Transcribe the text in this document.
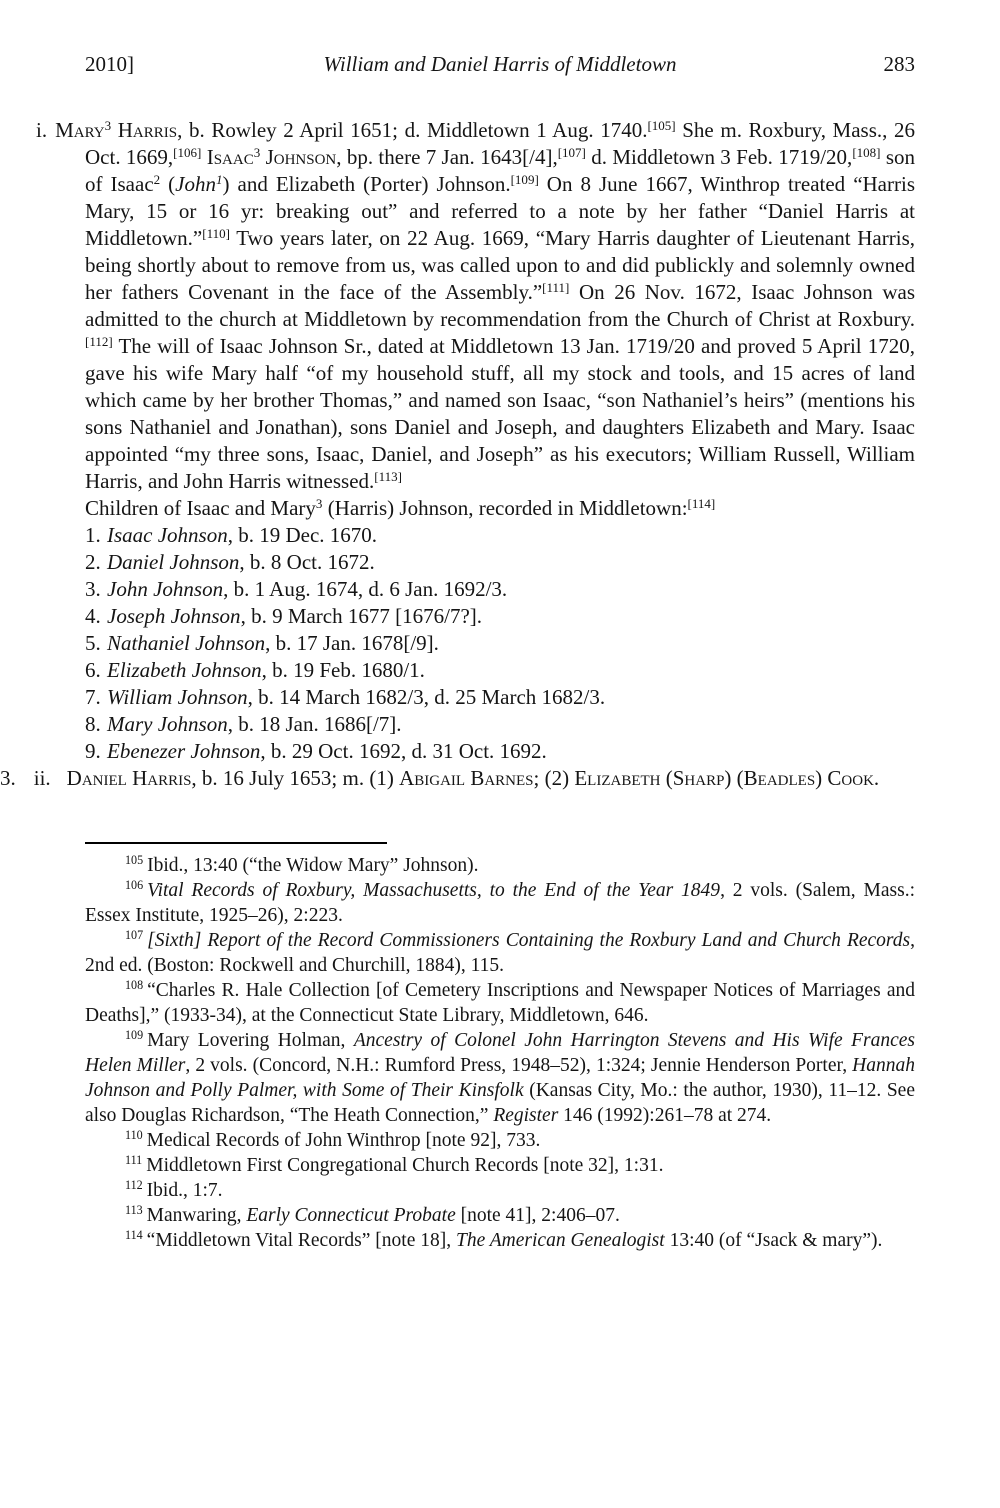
2010]	William and Daniel Harris of Middletown	283

i. Mary$^3$ Harris, b. Rowley 2 April 1651; d. Middletown 1 Aug. 1740.[105] She m. Roxbury, Mass., 26 Oct. 1669,[106] Isaac$^3$ Johnson, bp. there 7 Jan. 1643[/4],[107] d. Middletown 3 Feb. 1719/20,[108] son of Isaac$^2$ (John$^1$) and Elizabeth (Porter) Johnson.[109] On 8 June 1667, Winthrop treated “Harris Mary, 15 or 16 yr: breaking out” and referred to a note by her father “Daniel Harris at Middletown.”[110] Two years later, on 22 Aug. 1669, “Mary Harris daughter of Lieutenant Harris, being shortly about to remove from us, was called upon to and did publickly and solemnly owned her fathers Covenant in the face of the Assembly.”[111] On 26 Nov. 1672, Isaac Johnson was admitted to the church at Middletown by recommendation from the Church of Christ at Roxbury.[112] The will of Isaac Johnson Sr., dated at Middletown 13 Jan. 1719/20 and proved 5 April 1720, gave his wife Mary half “of my household stuff, all my stock and tools, and 15 acres of land which came by her brother Thomas,” and named son Isaac, “son Nathaniel’s heirs” (mentions his sons Nathaniel and Jonathan), sons Daniel and Joseph, and daughters Elizabeth and Mary. Isaac appointed “my three sons, Isaac, Daniel, and Joseph” as his executors; William Russell, William Harris, and John Harris witnessed.[113]

Children of Isaac and Mary$^3$ (Harris) Johnson, recorded in Middletown:[114]

1. Isaac Johnson, b. 19 Dec. 1670.

2. Daniel Johnson, b. 8 Oct. 1672.

3. John Johnson, b. 1 Aug. 1674, d. 6 Jan. 1692/3.

4. Joseph Johnson, b. 9 March 1677 [1676/7?].

5. Nathaniel Johnson, b. 17 Jan. 1678[/9].

6. Elizabeth Johnson, b. 19 Feb. 1680/1.

7. William Johnson, b. 14 March 1682/3, d. 25 March 1682/3.

8. Mary Johnson, b. 18 Jan. 1686[/7].

9. Ebenezer Johnson, b. 29 Oct. 1692, d. 31 Oct. 1692.

3. ii. Daniel Harris, b. 16 July 1653; m. (1) Abigail Barnes; (2) Elizabeth (Sharp) (Beadles) Cook.

$^{105}$ Ibid., 13:40 (“the Widow Mary” Johnson).

$^{106}$ Vital Records of Roxbury, Massachusetts, to the End of the Year 1849, 2 vols. (Salem, Mass.: Essex Institute, 1925–26), 2:223.

$^{107}$ [Sixth] Report of the Record Commissioners Containing the Roxbury Land and Church Records, 2nd ed. (Boston: Rockwell and Churchill, 1884), 115.

$^{108}$ “Charles R. Hale Collection [of Cemetery Inscriptions and Newspaper Notices of Marriages and Deaths],” (1933-34), at the Connecticut State Library, Middletown, 646.

$^{109}$ Mary Lovering Holman, Ancestry of Colonel John Harrington Stevens and His Wife Frances Helen Miller, 2 vols. (Concord, N.H.: Rumford Press, 1948–52), 1:324; Jennie Henderson Porter, Hannah Johnson and Polly Palmer, with Some of Their Kinsfolk (Kansas City, Mo.: the author, 1930), 11–12. See also Douglas Richardson, “The Heath Connection,” Register 146 (1992):261–78 at 274.

$^{110}$ Medical Records of John Winthrop [note 92], 733.

$^{111}$ Middletown First Congregational Church Records [note 32], 1:31.

$^{112}$ Ibid., 1:7.

$^{113}$ Manwaring, Early Connecticut Probate [note 41], 2:406–07.

$^{114}$ “Middletown Vital Records” [note 18], The American Genealogist 13:40 (of “Jsack & mary”).
